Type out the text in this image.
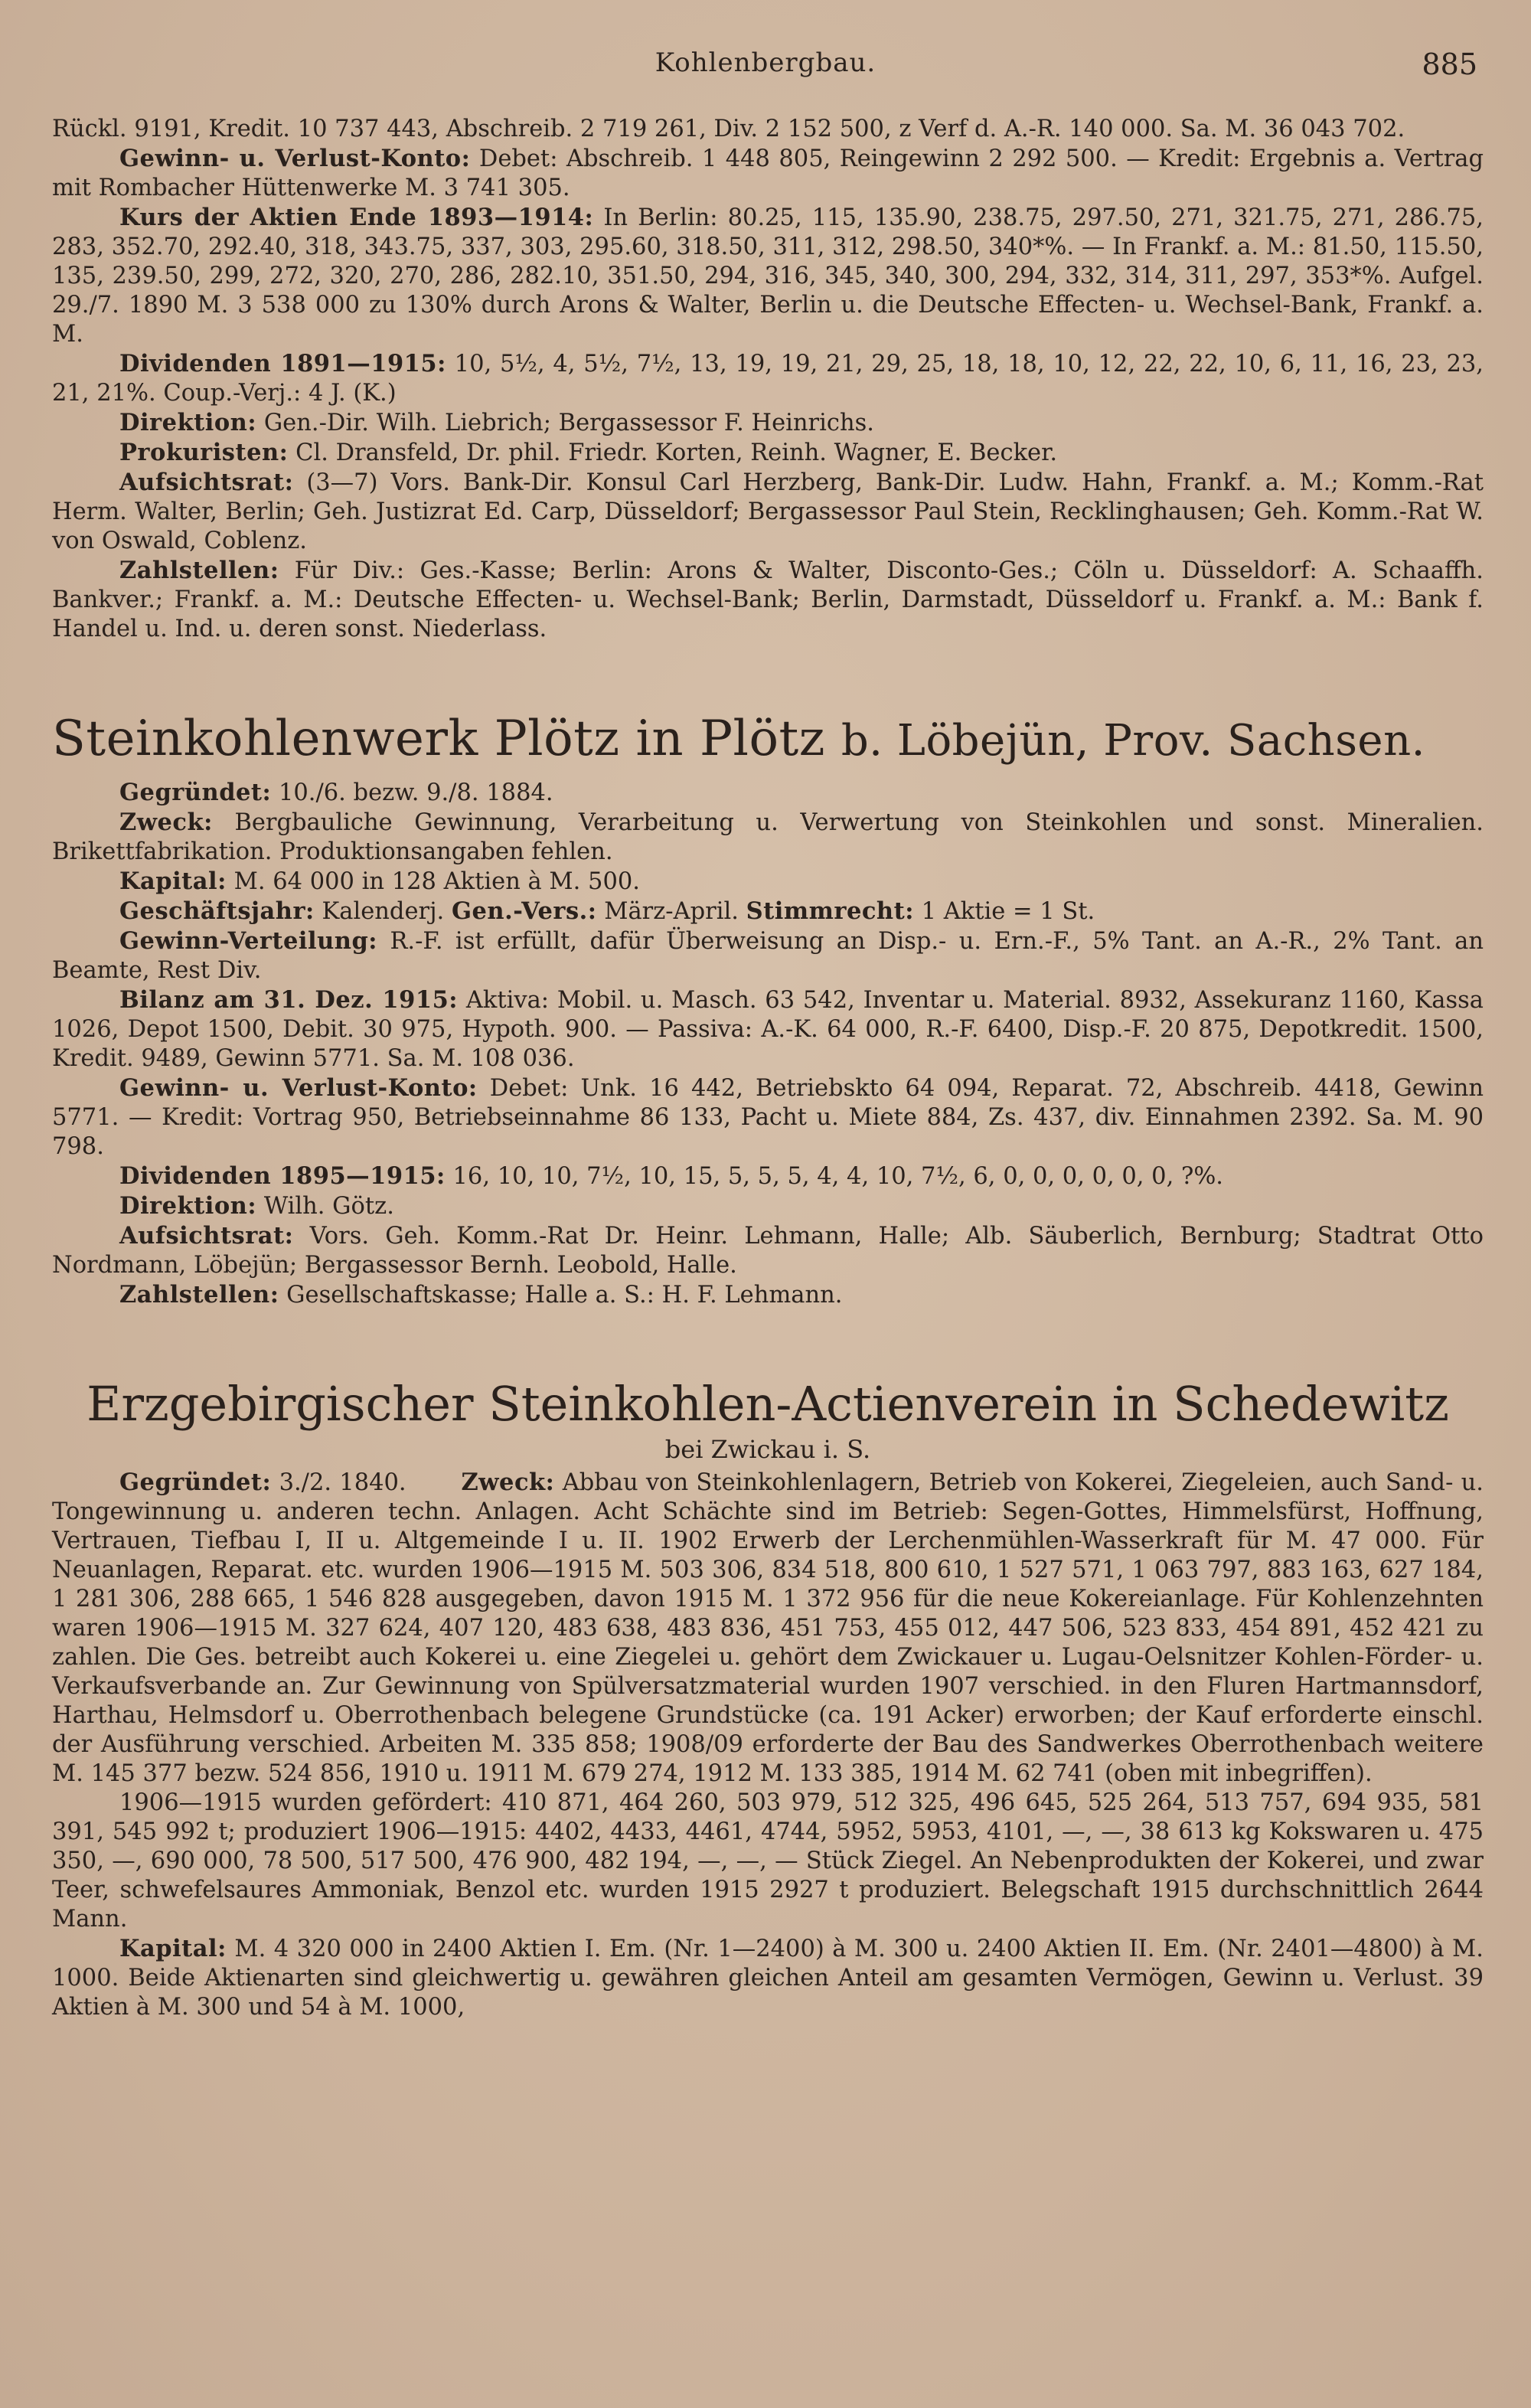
Kohlenbergbau.	885

Rückl. 9191, Kredit. 10 737 443, Abschreib. 2 719 261, Div. 2 152 500, z Verf d. A.-R. 140 000. Sa. M. 36 043 702.

Gewinn- u. Verlust-Konto: Debet: Abschreib. 1 448 805, Reingewinn 2 292 500. — Kredit: Ergebnis a. Vertrag mit Rombacher Hüttenwerke M. 3 741 305.

Kurs der Aktien Ende 1893—1914: In Berlin: 80.25, 115, 135.90, 238.75, 297.50, 271, 321.75, 271, 286.75, 283, 352.70, 292.40, 318, 343.75, 337, 303, 295.60, 318.50, 311, 312, 298.50, 340*%. — In Frankf. a. M.: 81.50, 115.50, 135, 239.50, 299, 272, 320, 270, 286, 282.10, 351.50, 294, 316, 345, 340, 300, 294, 332, 314, 311, 297, 353*%. Aufgel. 29./7. 1890 M. 3 538 000 zu 130% durch Arons & Walter, Berlin u. die Deutsche Effecten- u. Wechsel-Bank, Frankf. a. M.

Dividenden 1891—1915: 10, 5½, 4, 5½, 7½, 13, 19, 19, 21, 29, 25, 18, 18, 10, 12, 22, 22, 10, 6, 11, 16, 23, 23, 21, 21%. Coup.-Verj.: 4 J. (K.)

Direktion: Gen.-Dir. Wilh. Liebrich; Bergassessor F. Heinrichs.

Prokuristen: Cl. Dransfeld, Dr. phil. Friedr. Korten, Reinh. Wagner, E. Becker.

Aufsichtsrat: (3—7) Vors. Bank-Dir. Konsul Carl Herzberg, Bank-Dir. Ludw. Hahn, Frankf. a. M.; Komm.-Rat Herm. Walter, Berlin; Geh. Justizrat Ed. Carp, Düsseldorf; Bergassessor Paul Stein, Recklinghausen; Geh. Komm.-Rat W. von Oswald, Coblenz.

Zahlstellen: Für Div.: Ges.-Kasse; Berlin: Arons & Walter, Disconto-Ges.; Cöln u. Düsseldorf: A. Schaaffh. Bankver.; Frankf. a. M.: Deutsche Effecten- u. Wechsel-Bank; Berlin, Darmstadt, Düsseldorf u. Frankf. a. M.: Bank f. Handel u. Ind. u. deren sonst. Niederlass.

Steinkohlenwerk Plötz in Plötz b. Löbejün, Prov. Sachsen.

Gegründet: 10./6. bezw. 9./8. 1884.

Zweck: Bergbauliche Gewinnung, Verarbeitung u. Verwertung von Steinkohlen und sonst. Mineralien. Brikettfabrikation. Produktionsangaben fehlen.

Kapital: M. 64 000 in 128 Aktien à M. 500.

Geschäftsjahr: Kalenderj. Gen.-Vers.: März-April. Stimmrecht: 1 Aktie = 1 St.

Gewinn-Verteilung: R.-F. ist erfüllt, dafür Überweisung an Disp.- u. Ern.-F., 5% Tant. an A.-R., 2% Tant. an Beamte, Rest Div.

Bilanz am 31. Dez. 1915: Aktiva: Mobil. u. Masch. 63 542, Inventar u. Material. 8932, Assekuranz 1160, Kassa 1026, Depot 1500, Debit. 30 975, Hypoth. 900. — Passiva: A.-K. 64 000, R.-F. 6400, Disp.-F. 20 875, Depotkredit. 1500, Kredit. 9489, Gewinn 5771. Sa. M. 108 036.

Gewinn- u. Verlust-Konto: Debet: Unk. 16 442, Betriebskto 64 094, Reparat. 72, Abschreib. 4418, Gewinn 5771. — Kredit: Vortrag 950, Betriebseinnahme 86 133, Pacht u. Miete 884, Zs. 437, div. Einnahmen 2392. Sa. M. 90 798.

Dividenden 1895—1915: 16, 10, 10, 7½, 10, 15, 5, 5, 5, 4, 4, 10, 7½, 6, 0, 0, 0, 0, 0, 0, ?%.

Direktion: Wilh. Götz.

Aufsichtsrat: Vors. Geh. Komm.-Rat Dr. Heinr. Lehmann, Halle; Alb. Säuberlich, Bernburg; Stadtrat Otto Nordmann, Löbejün; Bergassessor Bernh. Leobold, Halle.

Zahlstellen: Gesellschaftskasse; Halle a. S.: H. F. Lehmann.

Erzgebirgischer Steinkohlen-Actienverein in Schedewitz
bei Zwickau i. S.

Gegründet: 3./2. 1840. Zweck: Abbau von Steinkohlenlagern, Betrieb von Kokerei, Ziegeleien, auch Sand- u. Tongewinnung u. anderen techn. Anlagen. Acht Schächte sind im Betrieb: Segen-Gottes, Himmelsfürst, Hoffnung, Vertrauen, Tiefbau I, II u. Altgemeinde I u. II. 1902 Erwerb der Lerchenmühlen-Wasserkraft für M. 47 000. Für Neuanlagen, Reparat. etc. wurden 1906—1915 M. 503 306, 834 518, 800 610, 1 527 571, 1 063 797, 883 163, 627 184, 1 281 306, 288 665, 1 546 828 ausgegeben, davon 1915 M. 1 372 956 für die neue Kokereianlage. Für Kohlenzehnten waren 1906—1915 M. 327 624, 407 120, 483 638, 483 836, 451 753, 455 012, 447 506, 523 833, 454 891, 452 421 zu zahlen. Die Ges. betreibt auch Kokerei u. eine Ziegelei u. gehört dem Zwickauer u. Lugau-Oelsnitzer Kohlen-Förder- u. Verkaufsverbande an. Zur Gewinnung von Spülversatzmaterial wurden 1907 verschied. in den Fluren Hartmannsdorf, Harthau, Helmsdorf u. Oberrothenbach belegene Grundstücke (ca. 191 Acker) erworben; der Kauf erforderte einschl. der Ausführung verschied. Arbeiten M. 335 858; 1908/09 erforderte der Bau des Sandwerkes Oberrothenbach weitere M. 145 377 bezw. 524 856, 1910 u. 1911 M. 679 274, 1912 M. 133 385, 1914 M. 62 741 (oben mit inbegriffen).

1906—1915 wurden gefördert: 410 871, 464 260, 503 979, 512 325, 496 645, 525 264, 513 757, 694 935, 581 391, 545 992 t; produziert 1906—1915: 4402, 4433, 4461, 4744, 5952, 5953, 4101, —, —, 38 613 kg Kokswaren u. 475 350, —, 690 000, 78 500, 517 500, 476 900, 482 194, —, —, — Stück Ziegel. An Nebenprodukten der Kokerei, und zwar Teer, schwefelsaures Ammoniak, Benzol etc. wurden 1915 2927 t produziert. Belegschaft 1915 durchschnittlich 2644 Mann.

Kapital: M. 4 320 000 in 2400 Aktien I. Em. (Nr. 1—2400) à M. 300 u. 2400 Aktien II. Em. (Nr. 2401—4800) à M. 1000. Beide Aktienarten sind gleichwertig u. gewähren gleichen Anteil am gesamten Vermögen, Gewinn u. Verlust. 39 Aktien à M. 300 und 54 à M. 1000,
